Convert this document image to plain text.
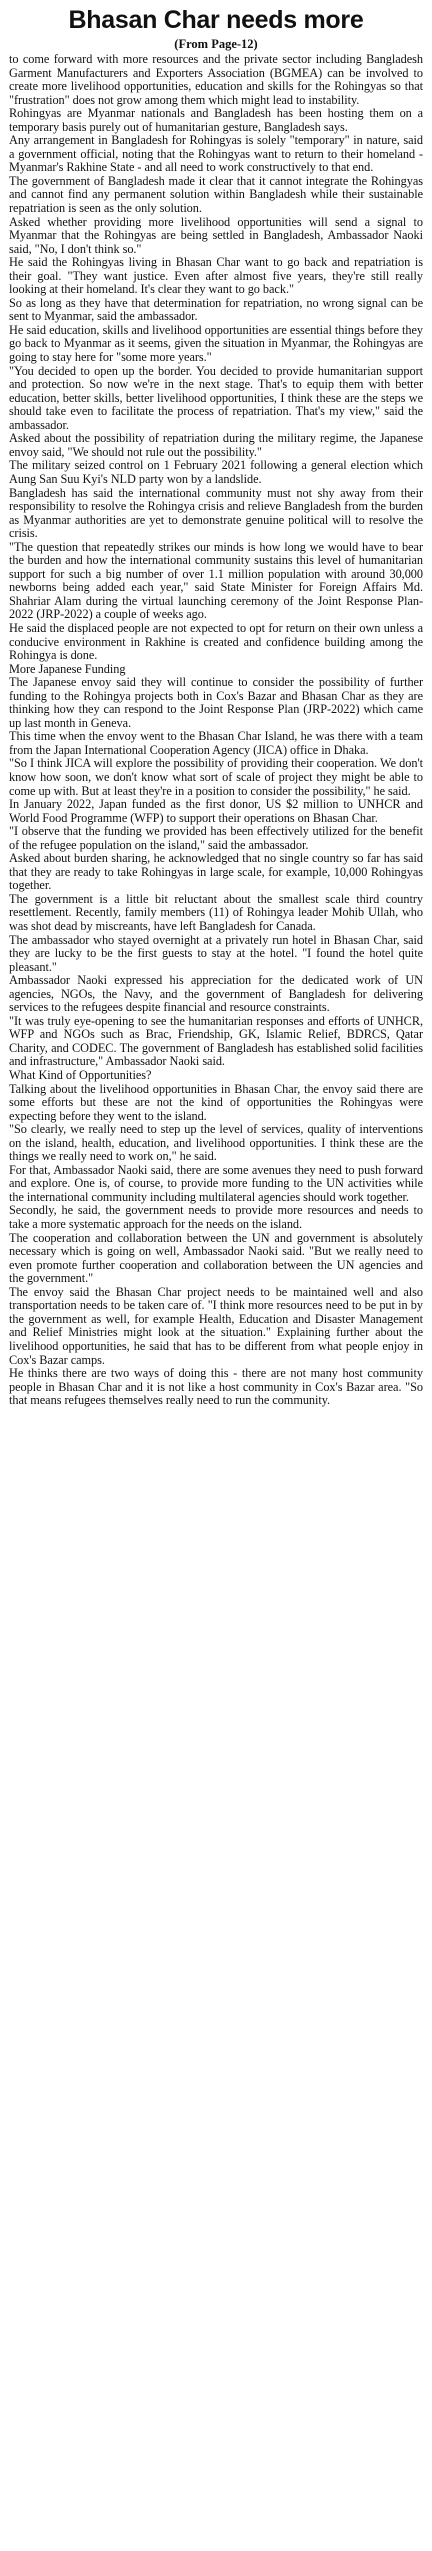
Bhasan Char needs more
(From Page-12)

to come forward with more resources and the private sector including Bangladesh Garment Manufacturers and Exporters Association (BGMEA) can be involved to create more livelihood opportunities, education and skills for the Rohingyas so that "frustration" does not grow among them which might lead to instability.

Rohingyas are Myanmar nationals and Bangladesh has been hosting them on a temporary basis purely out of humanitarian gesture, Bangladesh says.

Any arrangement in Bangladesh for Rohingyas is solely "temporary" in nature, said a government official, noting that the Rohingyas want to return to their homeland - Myanmar's Rakhine State - and all need to work constructively to that end.

The government of Bangladesh made it clear that it cannot integrate the Rohingyas and cannot find any permanent solution within Bangladesh while their sustainable repatriation is seen as the only solution.

Asked whether providing more livelihood opportunities will send a signal to Myanmar that the Rohingyas are being settled in Bangladesh, Ambassador Naoki said, "No, I don't think so."

He said the Rohingyas living in Bhasan Char want to go back and repatriation is their goal. "They want justice. Even after almost five years, they're still really looking at their homeland. It's clear they want to go back."

So as long as they have that determination for repatriation, no wrong signal can be sent to Myanmar, said the ambassador.

He said education, skills and livelihood opportunities are essential things before they go back to Myanmar as it seems, given the situation in Myanmar, the Rohingyas are going to stay here for "some more years."

"You decided to open up the border. You decided to provide humanitarian support and protection. So now we're in the next stage. That's to equip them with better education, better skills, better livelihood opportunities, I think these are the steps we should take even to facilitate the process of repatriation. That's my view," said the ambassador.

Asked about the possibility of repatriation during the military regime, the Japanese envoy said, "We should not rule out the possibility."

The military seized control on 1 February 2021 following a general election which Aung San Suu Kyi's NLD party won by a landslide.

Bangladesh has said the international community must not shy away from their responsibility to resolve the Rohingya crisis and relieve Bangladesh from the burden as Myanmar authorities are yet to demonstrate genuine political will to resolve the crisis.

"The question that repeatedly strikes our minds is how long we would have to bear the burden and how the international community sustains this level of humanitarian support for such a big number of over 1.1 million population with around 30,000 newborns being added each year," said State Minister for Foreign Affairs Md. Shahriar Alam during the virtual launching ceremony of the Joint Response Plan-2022 (JRP-2022) a couple of weeks ago.

He said the displaced people are not expected to opt for return on their own unless a conducive environment in Rakhine is created and confidence building among the Rohingya is done.

More Japanese Funding

The Japanese envoy said they will continue to consider the possibility of further funding to the Rohingya projects both in Cox's Bazar and Bhasan Char as they are thinking how they can respond to the Joint Response Plan (JRP-2022) which came up last month in Geneva.

This time when the envoy went to the Bhasan Char Island, he was there with a team from the Japan International Cooperation Agency (JICA) office in Dhaka.

"So I think JICA will explore the possibility of providing their cooperation. We don't know how soon, we don't know what sort of scale of project they might be able to come up with. But at least they're in a position to consider the possibility," he said.

In January 2022, Japan funded as the first donor, US $2 million to UNHCR and World Food Programme (WFP) to support their operations on Bhasan Char.

"I observe that the funding we provided has been effectively utilized for the benefit of the refugee population on the island," said the ambassador.

Asked about burden sharing, he acknowledged that no single country so far has said that they are ready to take Rohingyas in large scale, for example, 10,000 Rohingyas together.

The government is a little bit reluctant about the smallest scale third country resettlement. Recently, family members (11) of Rohingya leader Mohib Ullah, who was shot dead by miscreants, have left Bangladesh for Canada.

The ambassador who stayed overnight at a privately run hotel in Bhasan Char, said they are lucky to be the first guests to stay at the hotel. "I found the hotel quite pleasant."

Ambassador Naoki expressed his appreciation for the dedicated work of UN agencies, NGOs, the Navy, and the government of Bangladesh for delivering services to the refugees despite financial and resource constraints.

"It was truly eye-opening to see the humanitarian responses and efforts of UNHCR, WFP and NGOs such as Brac, Friendship, GK, Islamic Relief, BDRCS, Qatar Charity, and CODEC. The government of Bangladesh has established solid facilities and infrastructure," Ambassador Naoki said.

What Kind of Opportunities?

Talking about the livelihood opportunities in Bhasan Char, the envoy said there are some efforts but these are not the kind of opportunities the Rohingyas were expecting before they went to the island.

"So clearly, we really need to step up the level of services, quality of interventions on the island, health, education, and livelihood opportunities. I think these are the things we really need to work on," he said.

For that, Ambassador Naoki said, there are some avenues they need to push forward and explore. One is, of course, to provide more funding to the UN activities while the international community including multilateral agencies should work together.

Secondly, he said, the government needs to provide more resources and needs to take a more systematic approach for the needs on the island.

The cooperation and collaboration between the UN and government is absolutely necessary which is going on well, Ambassador Naoki said. "But we really need to even promote further cooperation and collaboration between the UN agencies and the government."

The envoy said the Bhasan Char project needs to be maintained well and also transportation needs to be taken care of. "I think more resources need to be put in by the government as well, for example Health, Education and Disaster Management and Relief Ministries might look at the situation." Explaining further about the livelihood opportunities, he said that has to be different from what people enjoy in Cox's Bazar camps.

He thinks there are two ways of doing this - there are not many host community people in Bhasan Char and it is not like a host community in Cox's Bazar area. "So that means refugees themselves really need to run the community.
